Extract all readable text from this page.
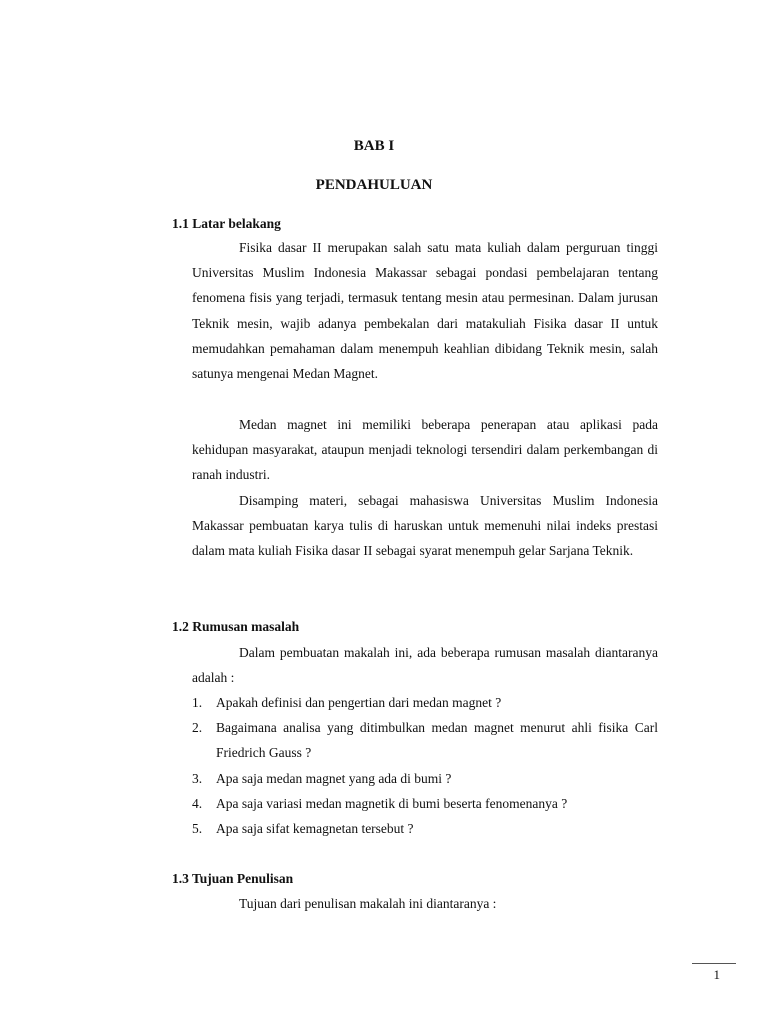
BAB I
PENDAHULUAN
1.1 Latar belakang

Fisika dasar II merupakan salah satu mata kuliah dalam perguruan tinggi Universitas Muslim Indonesia Makassar sebagai pondasi pembelajaran tentang fenomena fisis yang terjadi, termasuk tentang mesin atau permesinan. Dalam jurusan Teknik mesin, wajib adanya pembekalan dari matakuliah Fisika dasar II untuk memudahkan pemahaman dalam menempuh keahlian dibidang Teknik mesin, salah satunya mengenai Medan Magnet.

Medan magnet ini memiliki beberapa penerapan atau aplikasi pada kehidupan masyarakat, ataupun menjadi teknologi tersendiri dalam perkembangan di ranah industri.

Disamping materi, sebagai mahasiswa Universitas Muslim Indonesia Makassar pembuatan karya tulis di haruskan untuk memenuhi nilai indeks prestasi dalam mata kuliah Fisika dasar II sebagai syarat menempuh gelar Sarjana Teknik.

1.2 Rumusan masalah

Dalam pembuatan makalah ini, ada beberapa rumusan masalah diantaranya adalah :

1.	Apakah definisi dan pengertian dari medan magnet ?
2.	Bagaimana analisa yang ditimbulkan medan magnet menurut ahli fisika Carl Friedrich Gauss ?
3.	Apa saja medan magnet yang ada di bumi ?
4.	Apa saja variasi medan magnetik di bumi beserta fenomenanya ?
5.	Apa saja sifat kemagnetan tersebut ?
1.3 Tujuan Penulisan

Tujuan dari penulisan makalah ini diantaranya :

1
